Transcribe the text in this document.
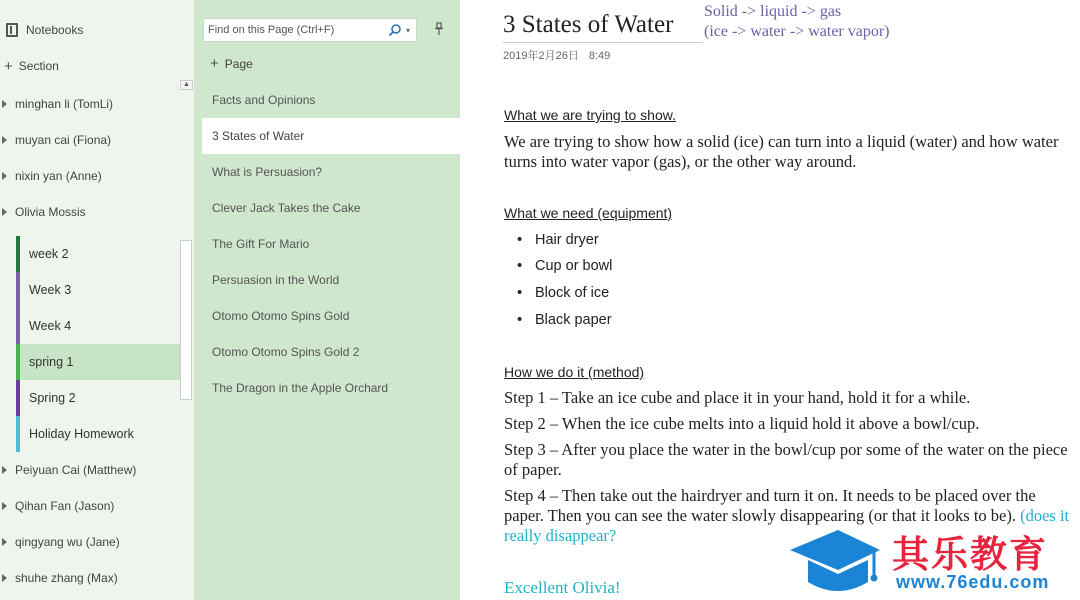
Notebooks
+ Section
▲
minghan li (TomLi)
muyan cai (Fiona)
nixin yan (Anne)
Olivia Mossis
week 2
Week 3
Week 4
spring 1
Spring 2
Holiday Homework
Peiyuan Cai (Matthew)
Qihan Fan (Jason)
qingyang wu (Jane)
shuhe zhang (Max)
Find on this Page (Ctrl+F)	▾
+ Page
Facts and Opinions
3 States of Water
What is Persuasion?
Clever Jack Takes the Cake
The Gift For Mario
Persuasion in the World
Otomo Otomo Spins Gold
Otomo Otomo Spins Gold 2
The Dragon in the Apple Orchard
3 States of Water Solid -> liquid -> gas
(ice -> water -> water vapor)
2019年2月26日 8:49
What we are trying to show.
We are trying to show how a solid (ice) can turn into a liquid (water) and how water turns into water vapor (gas), or the other way around.
What we need (equipment)
• Hair dryer
• Cup or bowl
• Block of ice
• Black paper
How we do it (method)
Step 1 – Take an ice cube and place it in your hand, hold it for a while.
Step 2 – When the ice cube melts into a liquid hold it above a bowl/cup.
Step 3 – After you place the water in the bowl/cup por some of the water on the piece of paper.
Step 4 – Then take out the hairdryer and turn it on. It needs to be placed over the paper. Then you can see the water slowly disappearing (or that it looks to be). (does it really disappear?
Excellent Olivia!
其乐教育
www.76edu.com
